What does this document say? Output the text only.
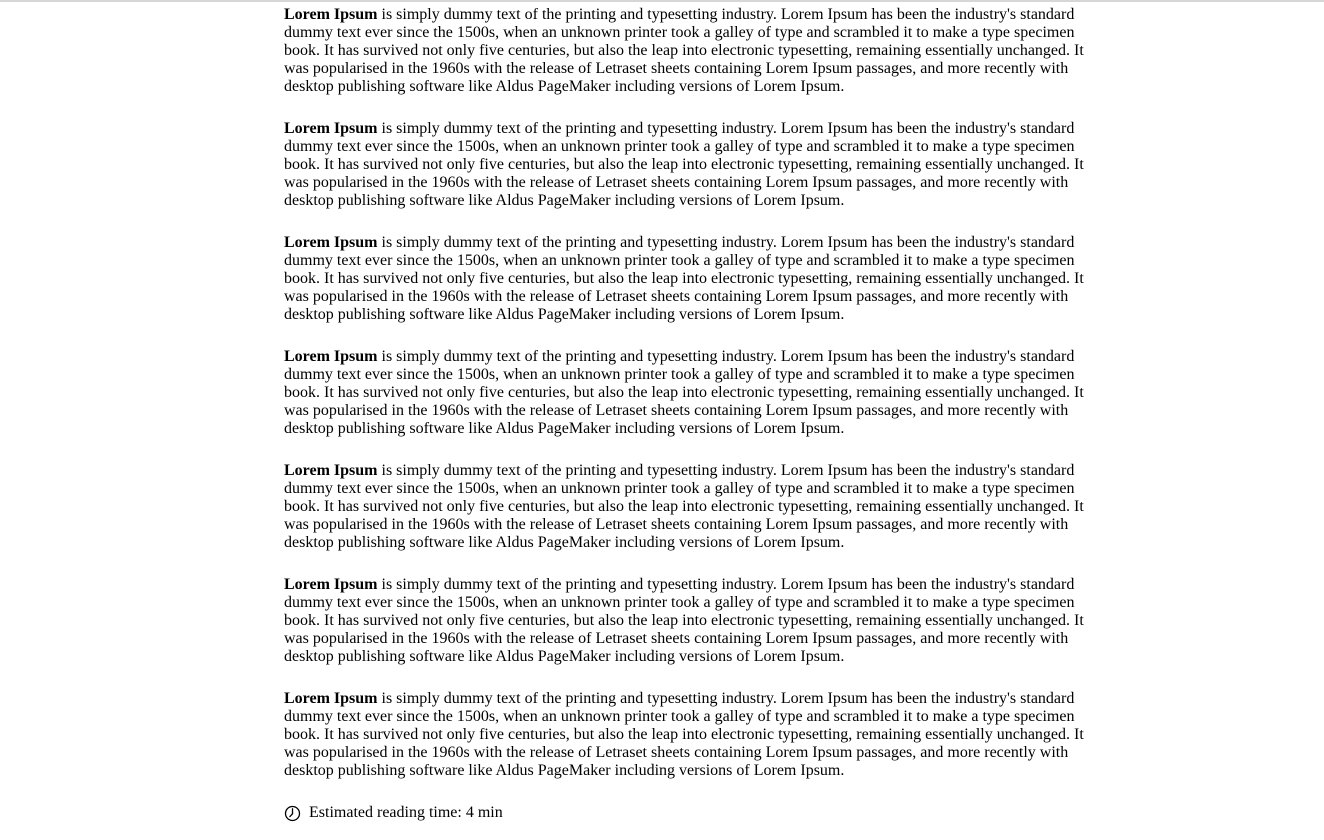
Lorem Ipsum is simply dummy text of the printing and typesetting industry. Lorem Ipsum has been the industry's standard dummy text ever since the 1500s, when an unknown printer took a galley of type and scrambled it to make a type specimen book. It has survived not only five centuries, but also the leap into electronic typesetting, remaining essentially unchanged. It was popularised in the 1960s with the release of Letraset sheets containing Lorem Ipsum passages, and more recently with desktop publishing software like Aldus PageMaker including versions of Lorem Ipsum.

Lorem Ipsum is simply dummy text of the printing and typesetting industry. Lorem Ipsum has been the industry's standard dummy text ever since the 1500s, when an unknown printer took a galley of type and scrambled it to make a type specimen book. It has survived not only five centuries, but also the leap into electronic typesetting, remaining essentially unchanged. It was popularised in the 1960s with the release of Letraset sheets containing Lorem Ipsum passages, and more recently with desktop publishing software like Aldus PageMaker including versions of Lorem Ipsum.

Lorem Ipsum is simply dummy text of the printing and typesetting industry. Lorem Ipsum has been the industry's standard dummy text ever since the 1500s, when an unknown printer took a galley of type and scrambled it to make a type specimen book. It has survived not only five centuries, but also the leap into electronic typesetting, remaining essentially unchanged. It was popularised in the 1960s with the release of Letraset sheets containing Lorem Ipsum passages, and more recently with desktop publishing software like Aldus PageMaker including versions of Lorem Ipsum.

Lorem Ipsum is simply dummy text of the printing and typesetting industry. Lorem Ipsum has been the industry's standard dummy text ever since the 1500s, when an unknown printer took a galley of type and scrambled it to make a type specimen book. It has survived not only five centuries, but also the leap into electronic typesetting, remaining essentially unchanged. It was popularised in the 1960s with the release of Letraset sheets containing Lorem Ipsum passages, and more recently with desktop publishing software like Aldus PageMaker including versions of Lorem Ipsum.

Lorem Ipsum is simply dummy text of the printing and typesetting industry. Lorem Ipsum has been the industry's standard dummy text ever since the 1500s, when an unknown printer took a galley of type and scrambled it to make a type specimen book. It has survived not only five centuries, but also the leap into electronic typesetting, remaining essentially unchanged. It was popularised in the 1960s with the release of Letraset sheets containing Lorem Ipsum passages, and more recently with desktop publishing software like Aldus PageMaker including versions of Lorem Ipsum.

Lorem Ipsum is simply dummy text of the printing and typesetting industry. Lorem Ipsum has been the industry's standard dummy text ever since the 1500s, when an unknown printer took a galley of type and scrambled it to make a type specimen book. It has survived not only five centuries, but also the leap into electronic typesetting, remaining essentially unchanged. It was popularised in the 1960s with the release of Letraset sheets containing Lorem Ipsum passages, and more recently with desktop publishing software like Aldus PageMaker including versions of Lorem Ipsum.

Lorem Ipsum is simply dummy text of the printing and typesetting industry. Lorem Ipsum has been the industry's standard dummy text ever since the 1500s, when an unknown printer took a galley of type and scrambled it to make a type specimen book. It has survived not only five centuries, but also the leap into electronic typesetting, remaining essentially unchanged. It was popularised in the 1960s with the release of Letraset sheets containing Lorem Ipsum passages, and more recently with desktop publishing software like Aldus PageMaker including versions of Lorem Ipsum.

Estimated reading time: 4 min
